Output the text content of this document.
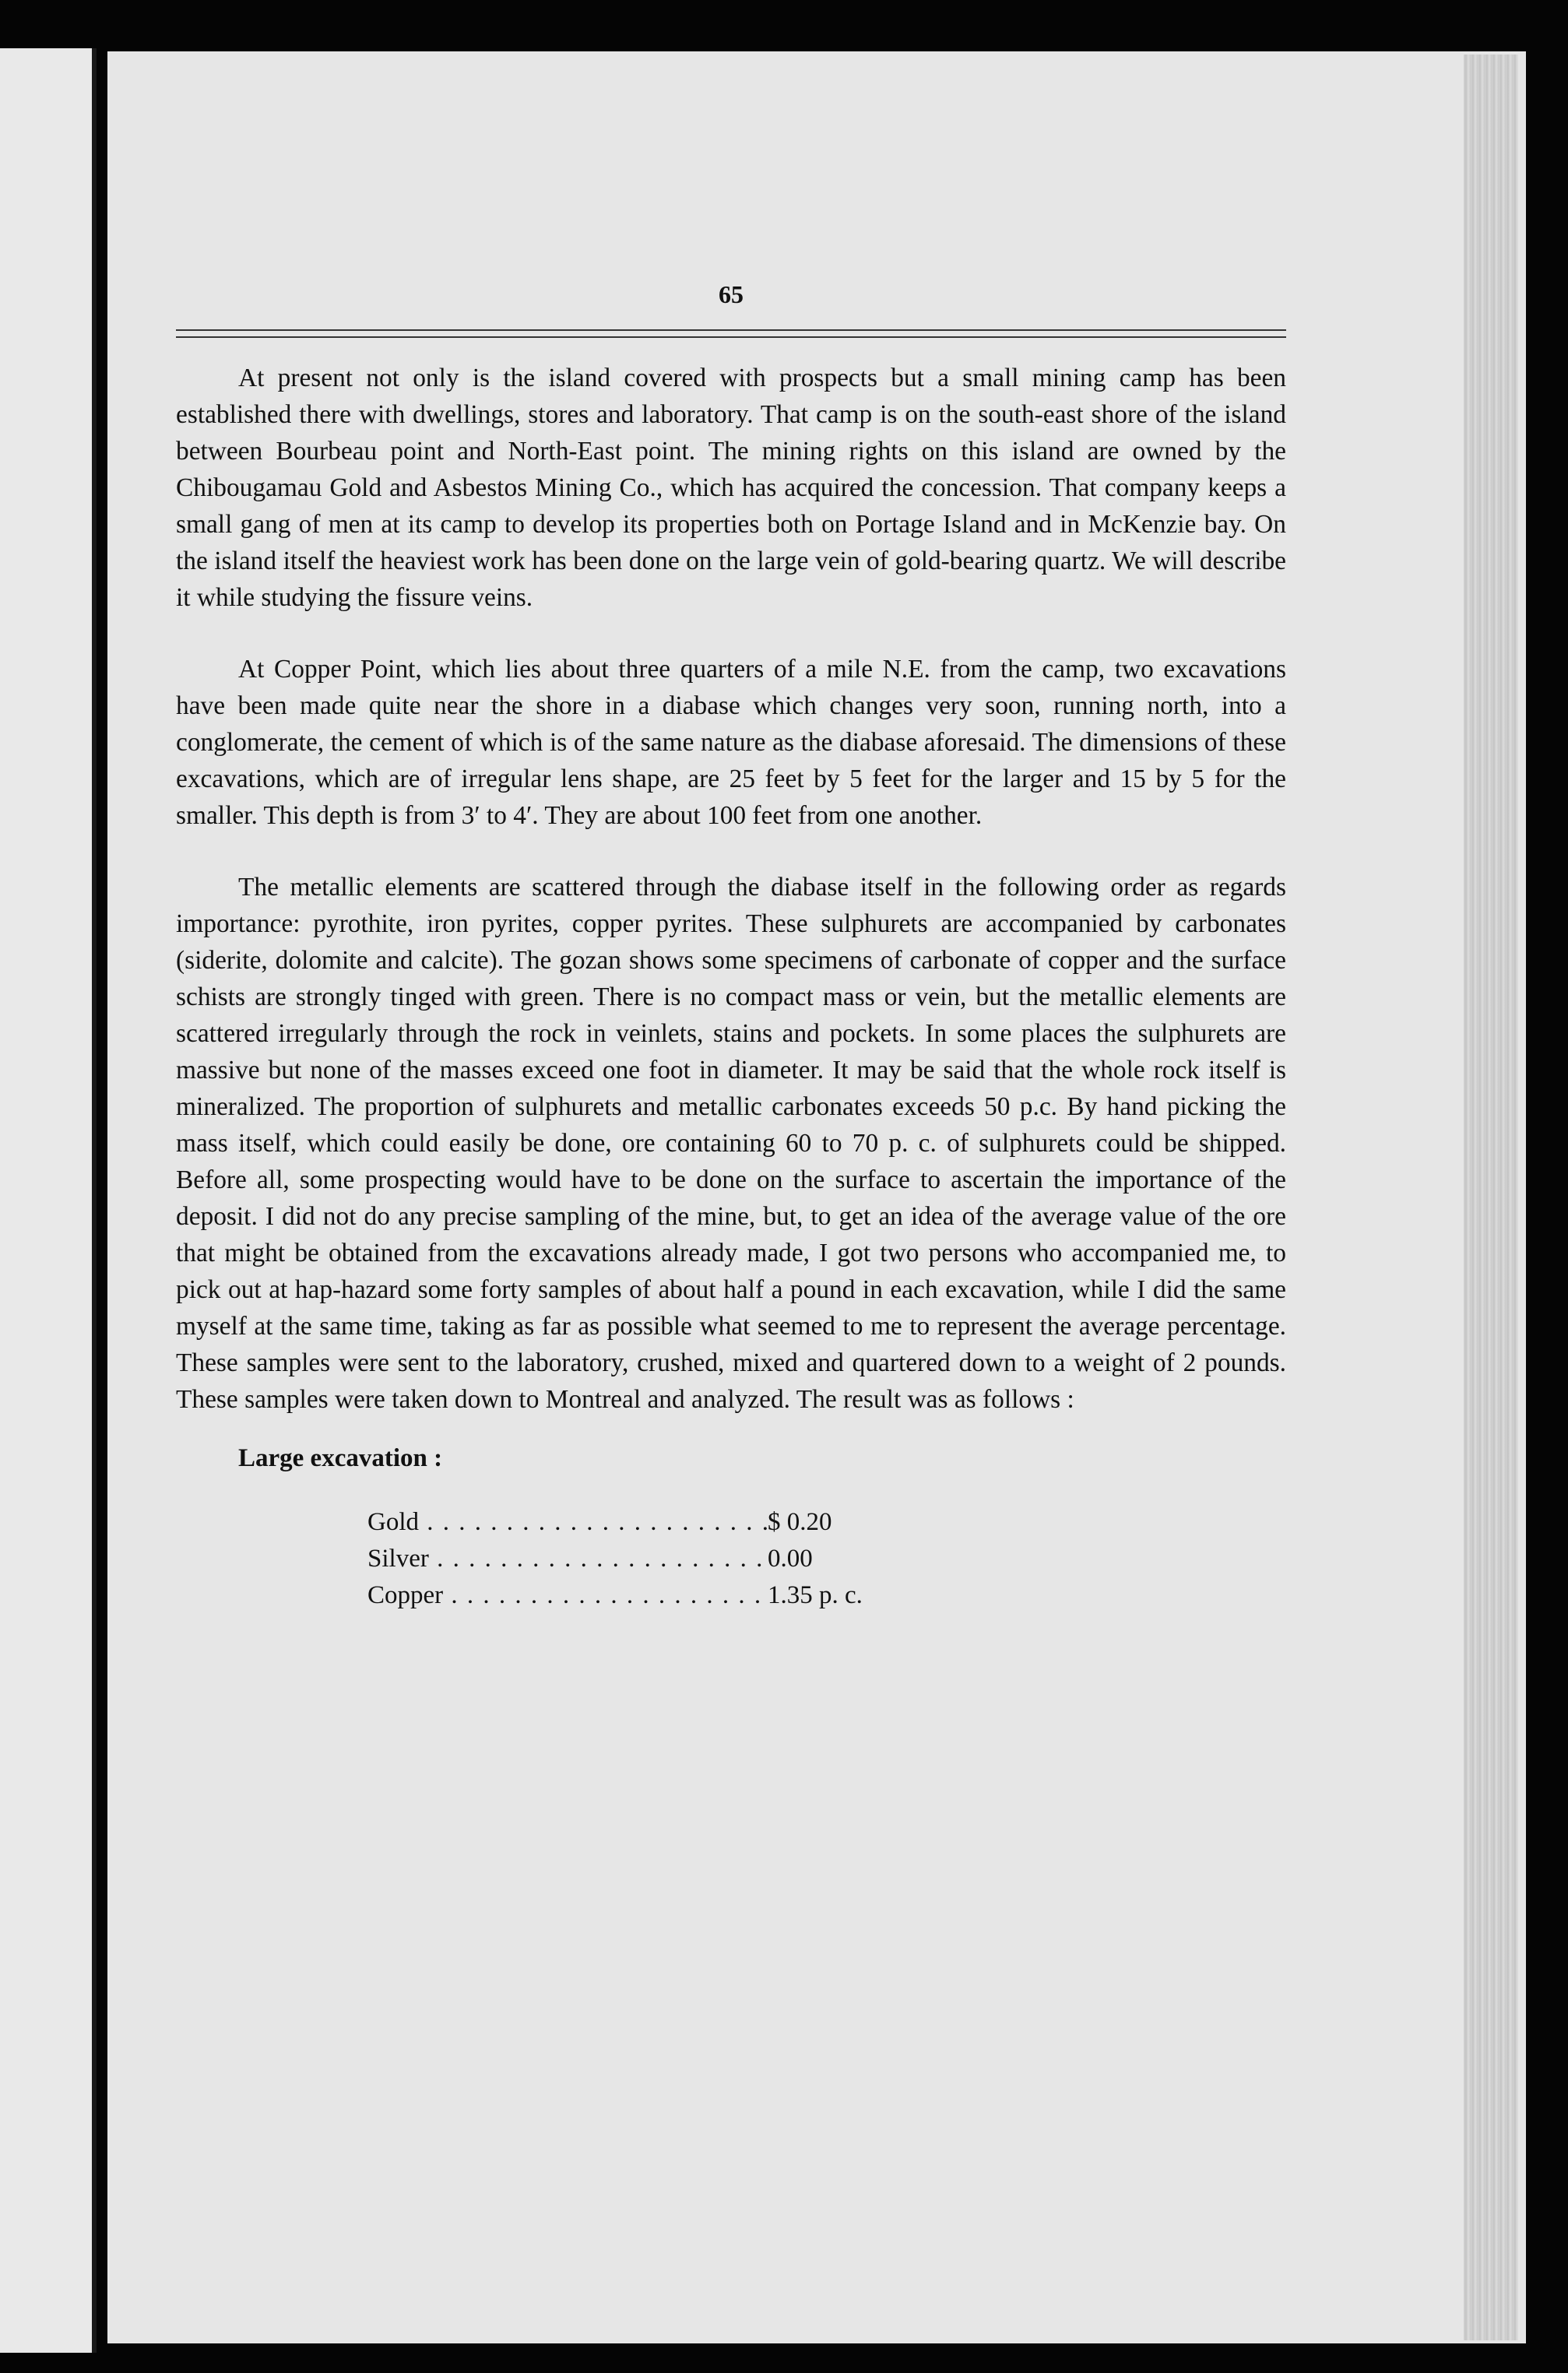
65

At present not only is the island covered with prospects but a small mining camp has been established there with dwellings, stores and laboratory. That camp is on the south-east shore of the island between Bourbeau point and North-East point. The mining rights on this island are owned by the Chibougamau Gold and Asbestos Mining Co., which has acquired the concession. That company keeps a small gang of men at its camp to develop its properties both on Portage Island and in McKenzie bay. On the island itself the heaviest work has been done on the large vein of gold-bearing quartz. We will describe it while studying the fissure veins.

At Copper Point, which lies about three quarters of a mile N.E. from the camp, two excavations have been made quite near the shore in a diabase which changes very soon, running north, into a conglomerate, the cement of which is of the same nature as the diabase aforesaid. The dimensions of these excavations, which are of irregular lens shape, are 25 feet by 5 feet for the larger and 15 by 5 for the smaller. This depth is from 3′ to 4′. They are about 100 feet from one another.

The metallic elements are scattered through the diabase itself in the following order as regards importance: pyrothite, iron pyrites, copper pyrites. These sulphurets are accompanied by carbonates (siderite, dolomite and calcite). The gozan shows some specimens of carbonate of copper and the surface schists are strongly tinged with green. There is no compact mass or vein, but the metallic elements are scattered irregularly through the rock in veinlets, stains and pockets. In some places the sulphurets are massive but none of the masses exceed one foot in diameter. It may be said that the whole rock itself is mineralized. The proportion of sulphurets and metallic carbonates exceeds 50 p.c. By hand picking the mass itself, which could easily be done, ore containing 60 to 70 p. c. of sulphurets could be shipped. Before all, some prospecting would have to be done on the surface to ascertain the importance of the deposit. I did not do any precise sampling of the mine, but, to get an idea of the average value of the ore that might be obtained from the excavations already made, I got two persons who accompanied me, to pick out at hap-hazard some forty samples of about half a pound in each excavation, while I did the same myself at the same time, taking as far as possible what seemed to me to represent the average percentage. These samples were sent to the laboratory, crushed, mixed and quartered down to a weight of 2 pounds. These samples were taken down to Montreal and analyzed. The result was as follows :

Large excavation :
Gold . . .	$ 0.20
Silver . . .	0.00
Copper . . .	1.35 p. c.
